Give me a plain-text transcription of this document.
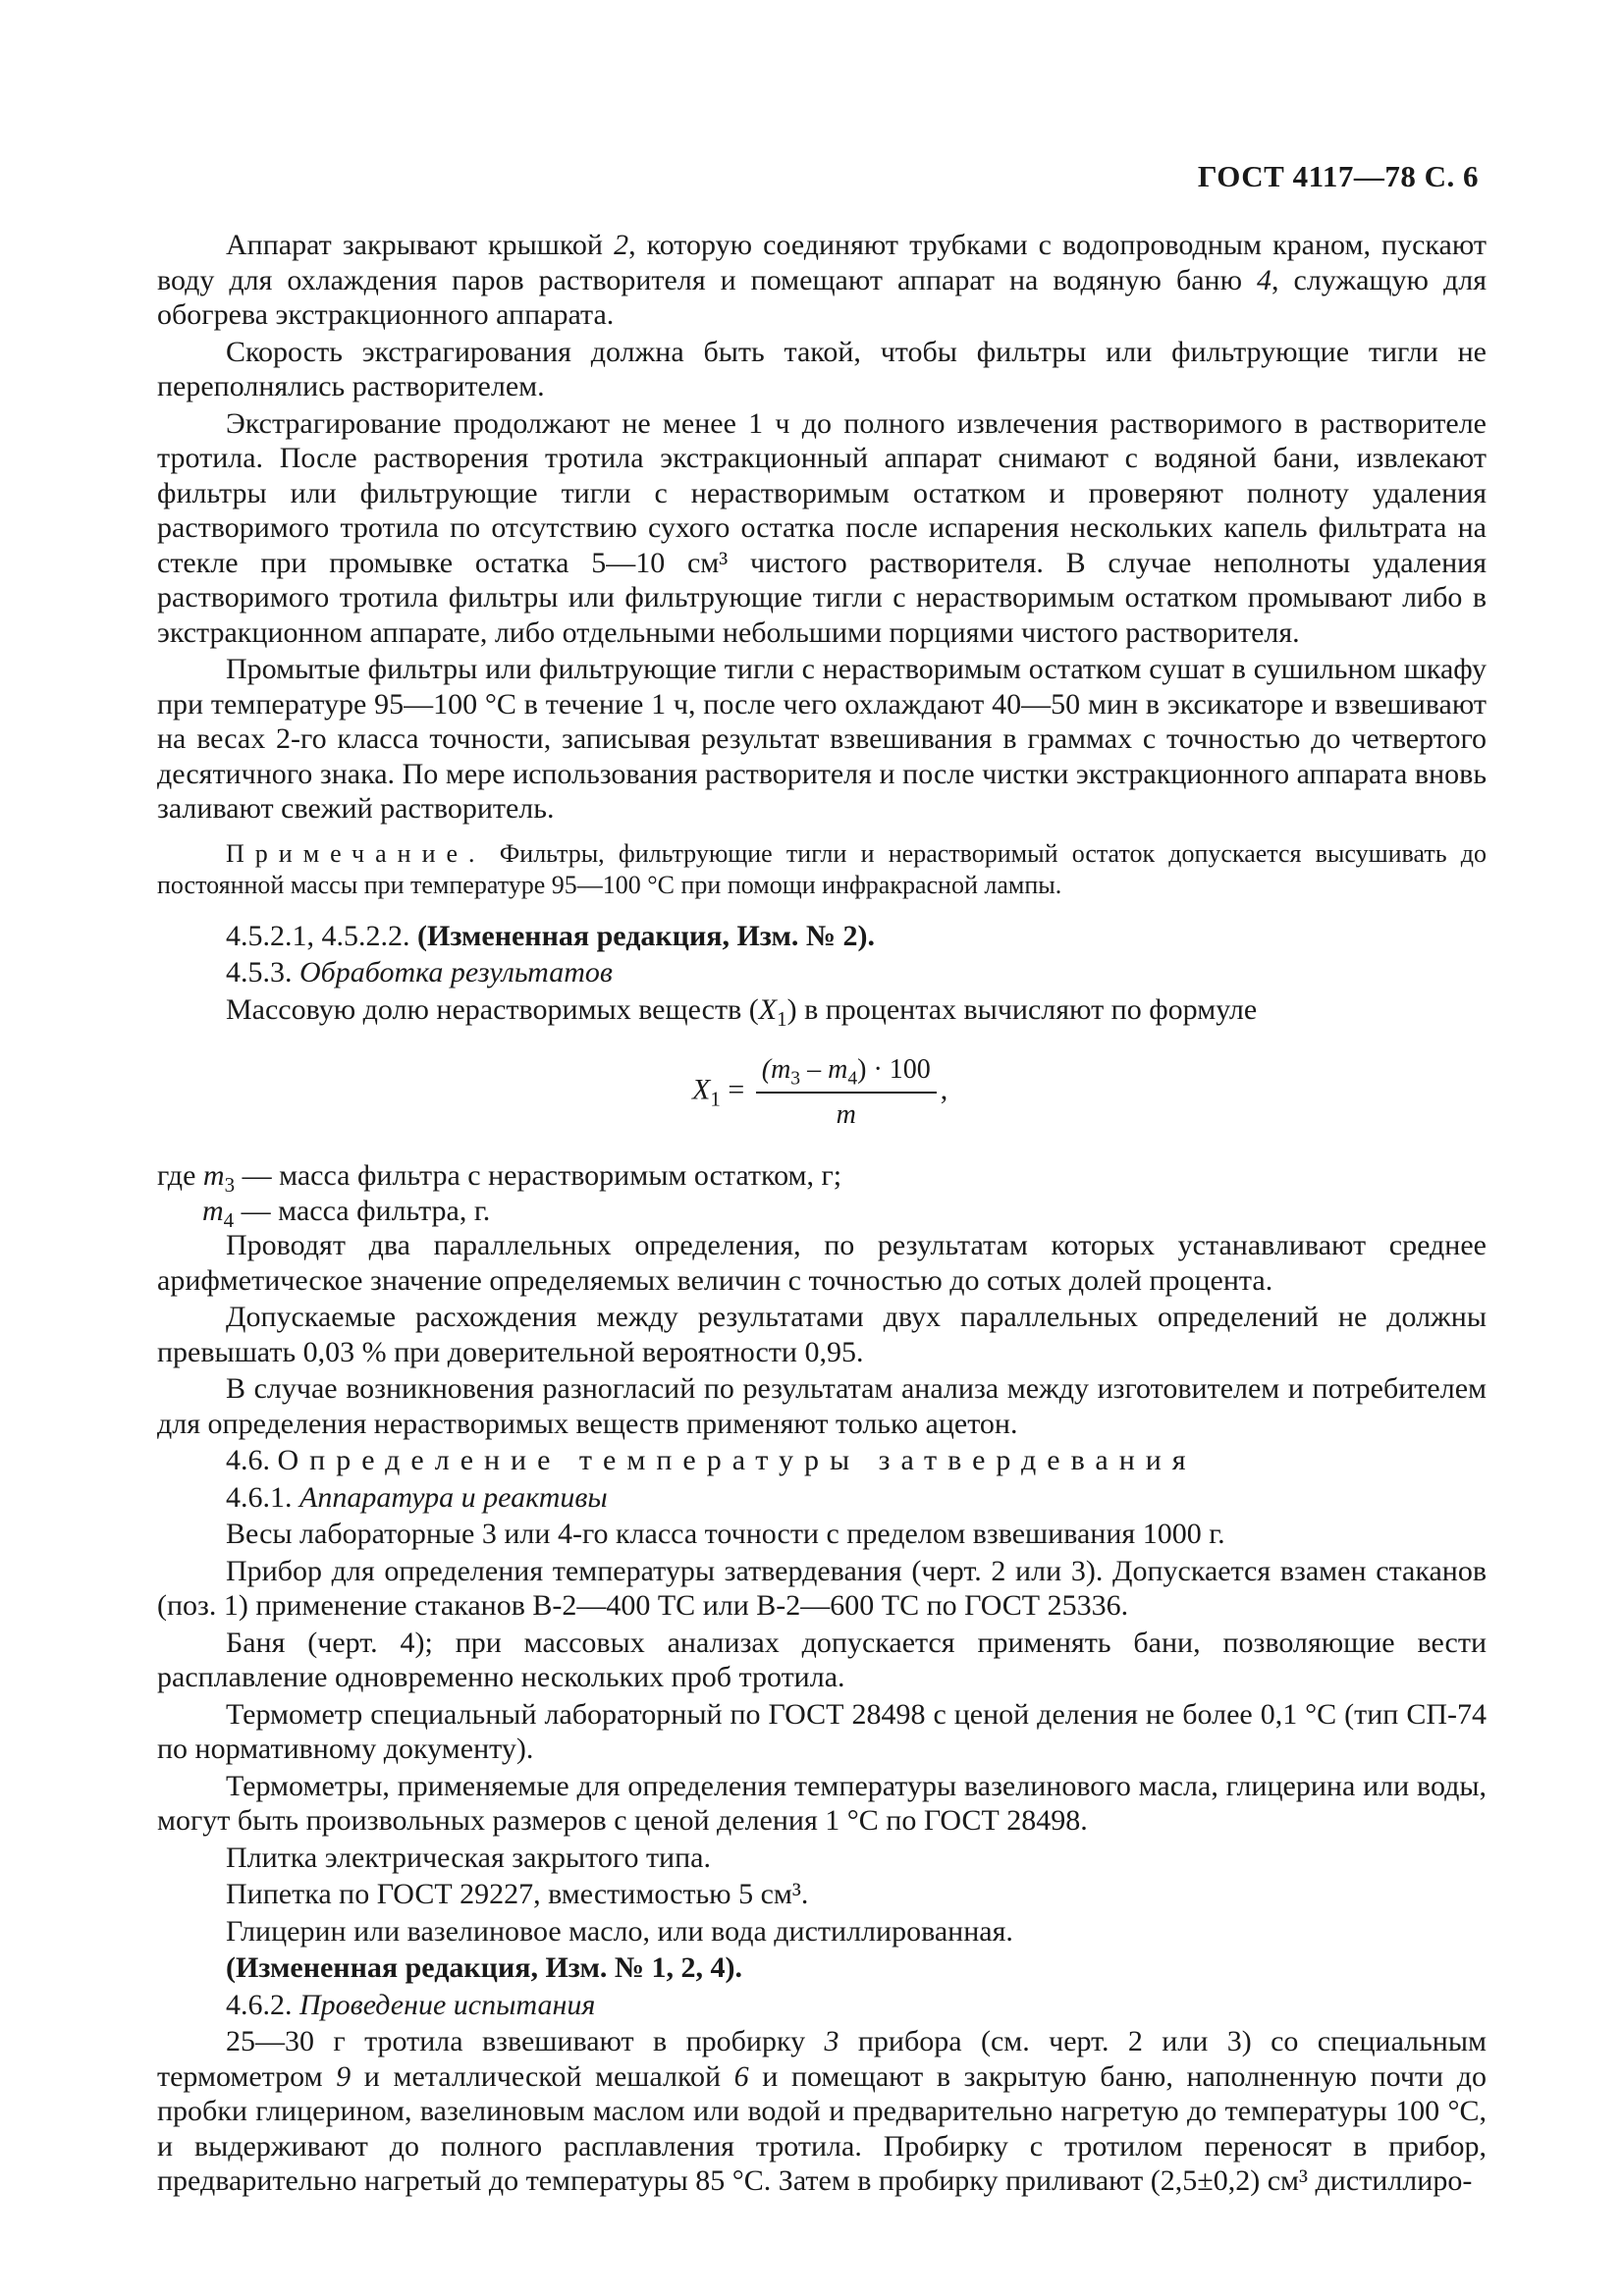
ГОСТ 4117—78 С. 6

Аппарат закрывают крышкой 2, которую соединяют трубками с водопроводным краном, пускают воду для охлаждения паров растворителя и помещают аппарат на водяную баню 4, служащую для обогрева экстракционного аппарата.

Скорость экстрагирования должна быть такой, чтобы фильтры или фильтрующие тигли не переполнялись растворителем.

Экстрагирование продолжают не менее 1 ч до полного извлечения растворимого в растворителе тротила. После растворения тротила экстракционный аппарат снимают с водяной бани, извлекают фильтры или фильтрующие тигли с нерастворимым остатком и проверяют полноту удаления растворимого тротила по отсутствию сухого остатка после испарения нескольких капель фильтрата на стекле при промывке остатка 5—10 см³ чистого растворителя. В случае неполноты удаления растворимого тротила фильтры или фильтрующие тигли с нерастворимым остатком промывают либо в экстракционном аппарате, либо отдельными небольшими порциями чистого растворителя.

Промытые фильтры или фильтрующие тигли с нерастворимым остатком сушат в сушильном шкафу при температуре 95—100 °С в течение 1 ч, после чего охлаждают 40—50 мин в эксикаторе и взвешивают на весах 2-го класса точности, записывая результат взвешивания в граммах с точностью до четвертого десятичного знака. По мере использования растворителя и после чистки экстракционного аппарата вновь заливают свежий растворитель.

Примечание. Фильтры, фильтрующие тигли и нерастворимый остаток допускается высушивать до постоянной массы при температуре 95—100 °С при помощи инфракрасной лампы.

4.5.2.1, 4.5.2.2. (Измененная редакция, Изм. № 2).

4.5.3. Обработка результатов

Массовую долю нерастворимых веществ $(X_1)$ в процентах вычисляют по формуле

$X_1 = \frac{(m_3 - m_4) \cdot 100}{m}$ ,

где $m_3$ — масса фильтра с нерастворимым остатком, г;

$m_4$ — масса фильтра, г.

Проводят два параллельных определения, по результатам которых устанавливают среднее арифметическое значение определяемых величин с точностью до сотых долей процента.

Допускаемые расхождения между результатами двух параллельных определений не должны превышать 0,03 % при доверительной вероятности 0,95.

В случае возникновения разногласий по результатам анализа между изготовителем и потребителем для определения нерастворимых веществ применяют только ацетон.

4.6. Определение температуры затвердевания

4.6.1. Аппаратура и реактивы

Весы лабораторные 3 или 4-го класса точности с пределом взвешивания 1000 г.

Прибор для определения температуры затвердевания (черт. 2 или 3). Допускается взамен стаканов (поз. 1) применение стаканов В-2—400 ТС или В-2—600 ТС по ГОСТ 25336.

Баня (черт. 4); при массовых анализах допускается применять бани, позволяющие вести расплавление одновременно нескольких проб тротила.

Термометр специальный лабораторный по ГОСТ 28498 с ценой деления не более 0,1 °С (тип СП-74 по нормативному документу).

Термометры, применяемые для определения температуры вазелинового масла, глицерина или воды, могут быть произвольных размеров с ценой деления 1 °С по ГОСТ 28498.

Плитка электрическая закрытого типа.

Пипетка по ГОСТ 29227, вместимостью 5 см³.

Глицерин или вазелиновое масло, или вода дистиллированная.

(Измененная редакция, Изм. № 1, 2, 4).

4.6.2. Проведение испытания

25—30 г тротила взвешивают в пробирку 3 прибора (см. черт. 2 или 3) со специальным термометром 9 и металлической мешалкой 6 и помещают в закрытую баню, наполненную почти до пробки глицерином, вазелиновым маслом или водой и предварительно нагретую до температуры 100 °С, и выдерживают до полного расплавления тротила. Пробирку с тротилом переносят в прибор, предварительно нагретый до температуры 85 °С. Затем в пробирку приливают (2,5±0,2) см³ дистиллиро-
